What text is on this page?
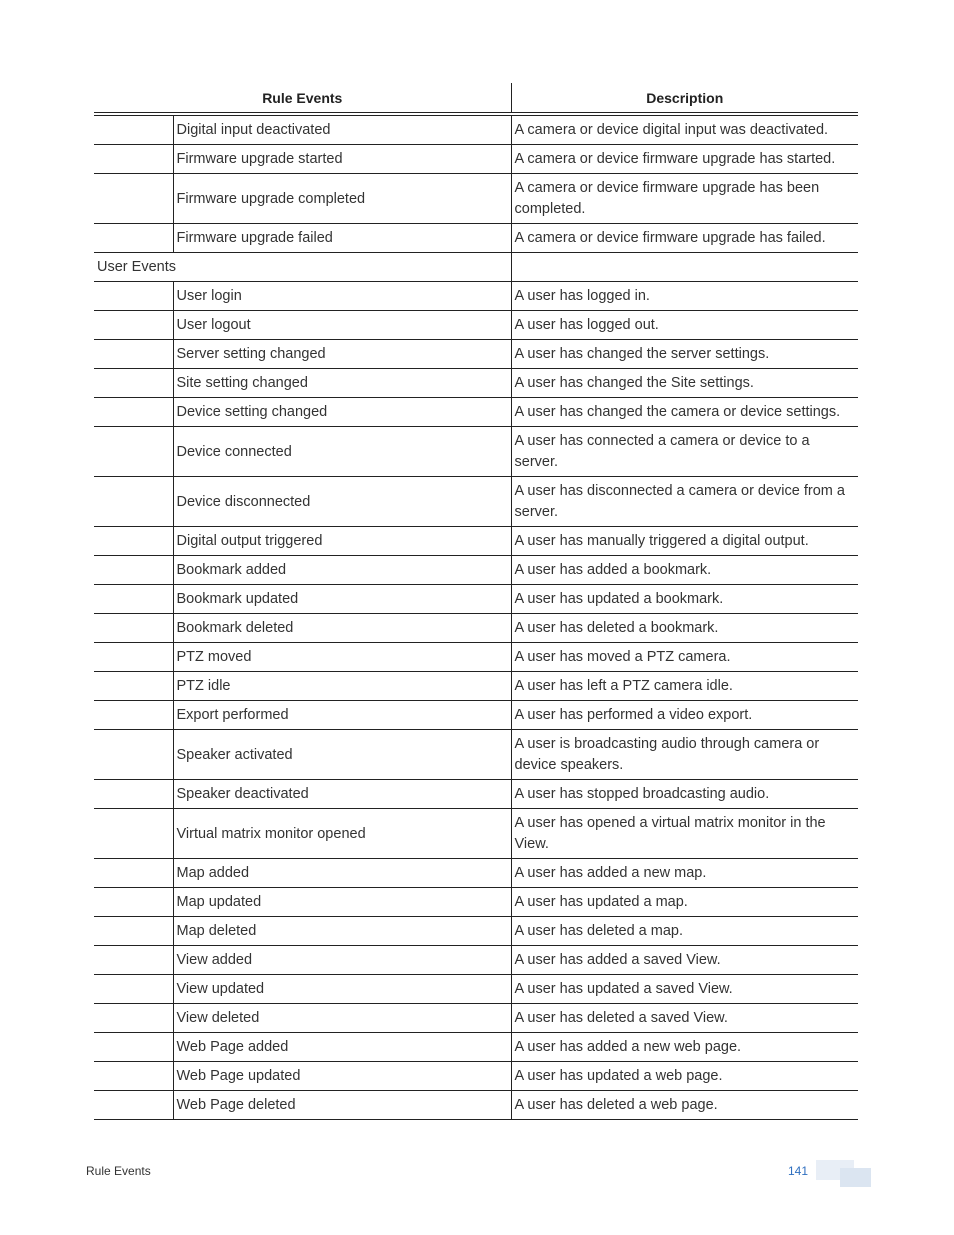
Rule Events		Description
	Digital input deactivated	A camera or device digital input was deactivated.
	Firmware upgrade started	A camera or device firmware upgrade has started.
	Firmware upgrade completed	A camera or device firmware upgrade has been completed.
	Firmware upgrade failed	A camera or device firmware upgrade has failed.
User Events		
	User login	A user has logged in.
	User logout	A user has logged out.
	Server setting changed	A user has changed the server settings.
	Site setting changed	A user has changed the Site settings.
	Device setting changed	A user has changed the camera or device settings.
	Device connected	A user has connected a camera or device to a server.
	Device disconnected	A user has disconnected a camera or device from a server.
	Digital output triggered	A user has manually triggered a digital output.
	Bookmark added	A user has added a bookmark.
	Bookmark updated	A user has updated a bookmark.
	Bookmark deleted	A user has deleted a bookmark.
	PTZ moved	A user has moved a PTZ camera.
	PTZ idle	A user has left a PTZ camera idle.
	Export performed	A user has performed a video export.
	Speaker activated	A user is broadcasting audio through camera or device speakers.
	Speaker deactivated	A user has stopped broadcasting audio.
	Virtual matrix monitor opened	A user has opened a virtual matrix monitor in the View.
	Map added	A user has added a new map.
	Map updated	A user has updated a map.
	Map deleted	A user has deleted a map.
	View added	A user has added a saved View.
	View updated	A user has updated a saved View.
	View deleted	A user has deleted a saved View.
	Web Page added	A user has added a new web page.
	Web Page updated	A user has updated a web page.
	Web Page deleted	A user has deleted a web page.
Rule Events	141
